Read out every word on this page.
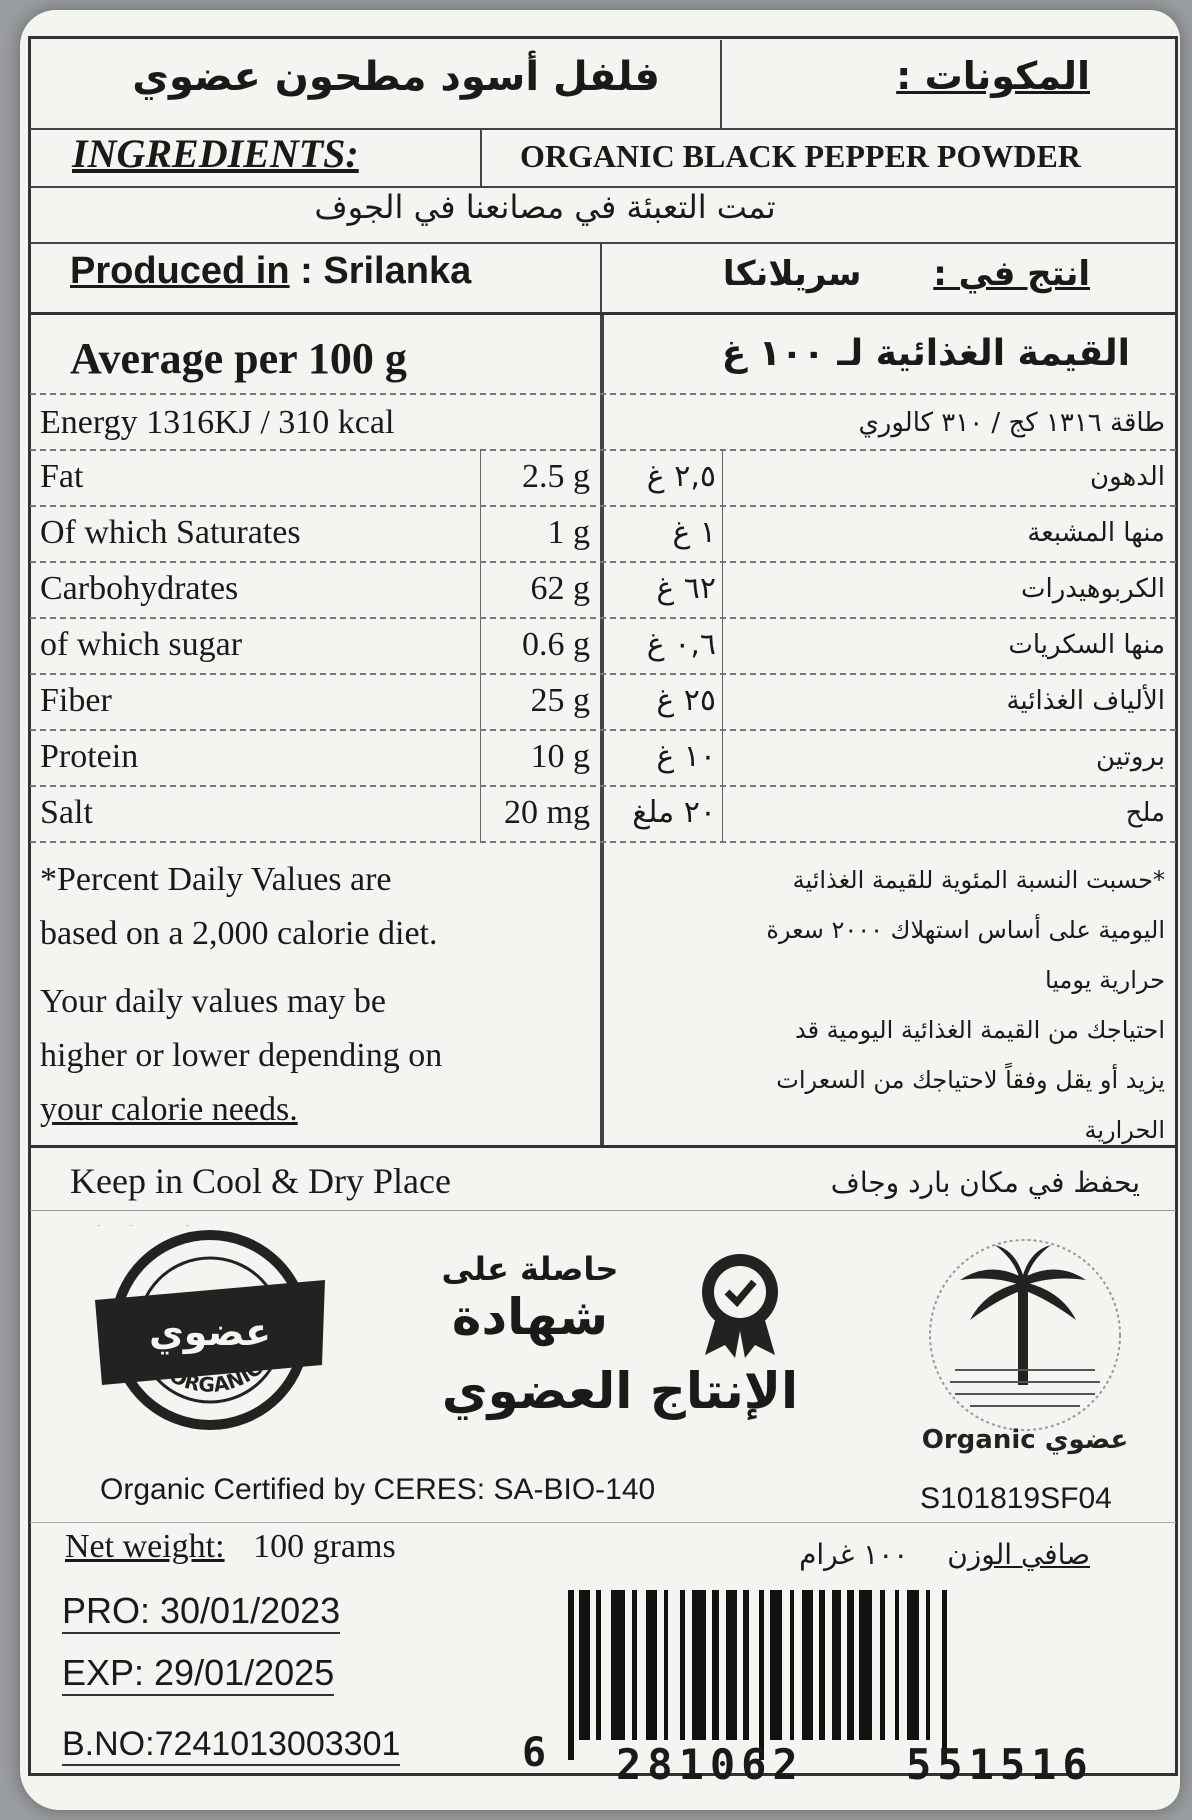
فلفل أسود مطحون عضوي	المكونات :
INGREDIENTS:	ORGANIC BLACK PEPPER POWDER
تمت التعبئة في مصانعنا في الجوف
Produced in : Srilanka	انتج في : سريلانكا
Average per 100 g	القيمة الغذائية لـ ١٠٠ غ
Energy 1316KJ / 310 kcal	طاقة ١٣١٦ كج / ٣١٠ كالوري
Fat	2.5 g	٢,٥ غ	الدهون
Of which Saturates	1 g	١ غ	منها المشبعة
Carbohydrates	62 g	٦٢ غ	الكربوهيدرات
of which sugar	0.6 g	٠,٦ غ	منها السكريات
Fiber	25 g	٢٥ غ	الألياف الغذائية
Protein	10 g	١٠ غ	بروتين
Salt	20 mg	٢٠ ملغ	ملح
*Percent Daily Values are
based on a 2,000 calorie diet.
Your daily values may be
higher or lower depending on
your calorie needs.
*حسبت النسبة المئوية للقيمة الغذائية
اليومية على أساس استهلاك ٢٠٠٠ سعرة
حرارية يوميا
احتياجك من القيمة الغذائية اليومية قد
يزيد أو يقل وفقاً لاحتياجك من السعرات
الحرارية
Keep in Cool & Dry Place	يحفظ في مكان بارد وجاف
ORGANIC
عضوي
حاصلة على
شهادة
الإنتاج العضوي
Organic عضوي
Organic Certified by CERES: SA-BIO-140	S101819SF04
Net weight: 100 grams	صافي الوزن ١٠٠ غرام
PRO: 30/01/2023
EXP: 29/01/2025
B.NO:7241013003301	6 281062 551516
